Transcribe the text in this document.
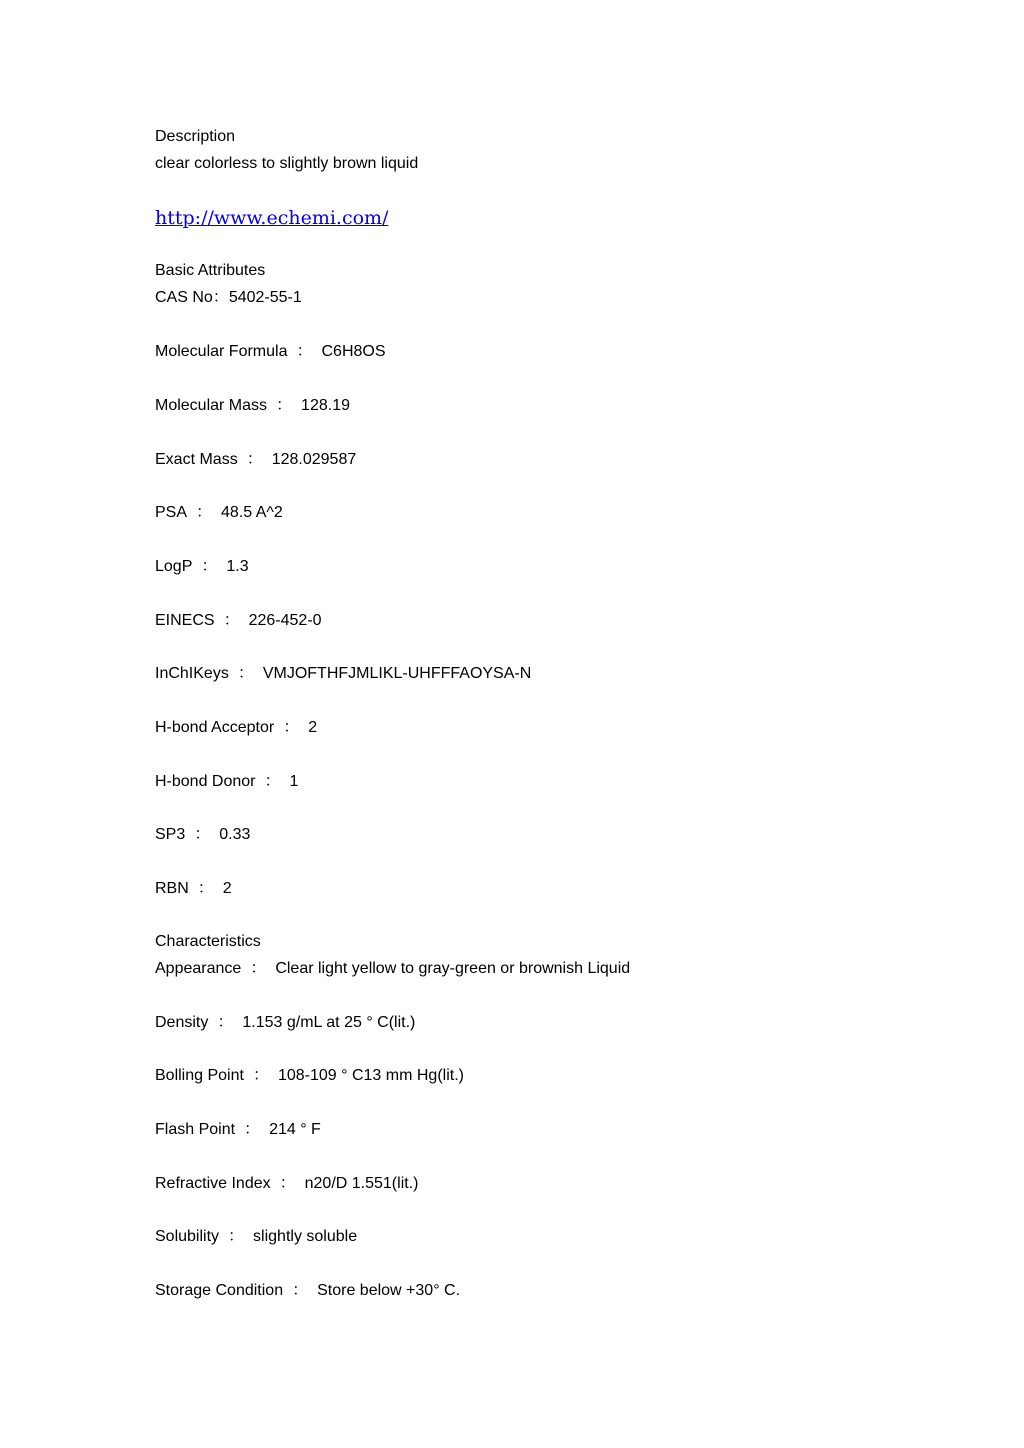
Description
clear colorless to slightly brown liquid
http://www.echemi.com/
Basic Attributes
CAS No：5402-55-1
Molecular Formula ： C6H8OS
Molecular Mass ： 128.19
Exact Mass ： 128.029587
PSA ： 48.5 A^2
LogP ： 1.3
EINECS ： 226-452-0
InChIKeys ： VMJOFTHFJMLIKL-UHFFFAOYSA-N
H-bond Acceptor ： 2
H-bond Donor ： 1
SP3 ： 0.33
RBN ： 2
Characteristics
Appearance ： Clear light yellow to gray-green or brownish Liquid
Density ： 1.153 g/mL at 25 ° C(lit.)
Bolling Point ： 108-109 ° C13 mm Hg(lit.)
Flash Point ： 214 ° F
Refractive Index ： n20/D 1.551(lit.)
Solubility ： slightly soluble
Storage Condition ： Store below +30° C.
